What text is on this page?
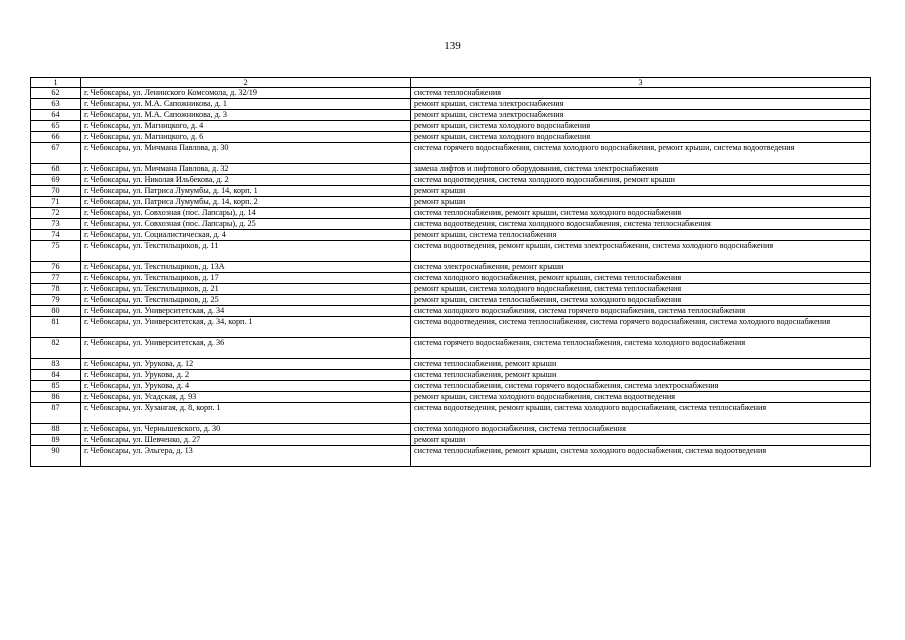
139
1	2	3
62	г. Чебоксары, ул. Ленинского Комсомола, д. 32/19	система теплоснабжения
63	г. Чебоксары, ул. М.А. Сапожникова, д. 1	ремонт крыши, система электроснабжения
64	г. Чебоксары, ул. М.А. Сапожникова, д. 3	ремонт крыши, система электроснабжения
65	г. Чебоксары, ул. Магницкого, д. 4	ремонт крыши, система холодного водоснабжения
66	г. Чебоксары, ул. Магницкого, д. 6	ремонт крыши, система холодного водоснабжения
67	г. Чебоксары, ул. Мичмана Павлова, д. 30	система горячего водоснабжения, система холодного водоснабжения, ремонт крыши, система водоотведения
68	г. Чебоксары, ул. Мичмана Павлова, д. 32	замена лифтов и лифтового оборудования, система электроснабжения
69	г. Чебоксары, ул. Николая Ильбекова, д. 2	система водоотведения, система холодного водоснабжения, ремонт крыши
70	г. Чебоксары, ул. Патриса Лумумбы, д. 14, корп. 1	ремонт крыши
71	г. Чебоксары, ул. Патриса Лумумбы, д. 14, корп. 2	ремонт крыши
72	г. Чебоксары, ул. Совхозная (пос. Лапсары), д. 14	система теплоснабжения, ремонт крыши, система холодного водоснабжения
73	г. Чебоксары, ул. Совхозная (пос. Лапсары), д. 25	система водоотведения, система холодного водоснабжения, система теплоснабжения
74	г. Чебоксары, ул. Социалистическая, д. 4	ремонт крыши, система теплоснабжения
75	г. Чебоксары, ул. Текстильщиков, д. 11	система водоотведения, ремонт крыши, система электроснабжения, система холодного водоснабжения
76	г. Чебоксары, ул. Текстильщиков, д. 13А	система электроснабжения, ремонт крыши
77	г. Чебоксары, ул. Текстильщиков, д. 17	система холодного водоснабжения, ремонт крыши, система теплоснабжения
78	г. Чебоксары, ул. Текстильщиков, д. 21	ремонт крыши, система холодного водоснабжения, система теплоснабжения
79	г. Чебоксары, ул. Текстильщиков, д. 25	ремонт крыши, система теплоснабжения, система холодного водоснабжения
80	г. Чебоксары, ул. Университетская, д. 34	система холодного водоснабжения, система горячего водоснабжения, система теплоснабжения
81	г. Чебоксары, ул. Университетская, д. 34, корп. 1	система водоотведения, система теплоснабжения, система горячего водоснабжения, система холодного водоснабжения
82	г. Чебоксары, ул. Университетская, д. 36	система горячего водоснабжения, система теплоснабжения, система холодного водоснабжения
83	г. Чебоксары, ул. Урукова, д. 12	система теплоснабжения, ремонт крыши
84	г. Чебоксары, ул. Урукова, д. 2	система теплоснабжения, ремонт крыши
85	г. Чебоксары, ул. Урукова, д. 4	система теплоснабжения, система горячего водоснабжения, система электроснабжения
86	г. Чебоксары, ул. Усадская, д. 93	ремонт крыши, система холодного водоснабжения, система водоотведения
87	г. Чебоксары, ул. Хузангая, д. 8, корп. 1	система водоотведения, ремонт крыши, система холодного водоснабжения, система теплоснабжения
88	г. Чебоксары, ул. Чернышевского, д. 30	система холодного водоснабжения, система теплоснабжения
89	г. Чебоксары, ул. Шевченко, д. 27	ремонт крыши
90	г. Чебоксары, ул. Эльгера, д. 13	система теплоснабжения, ремонт крыши, система холодного водоснабжения, система водоотведения
